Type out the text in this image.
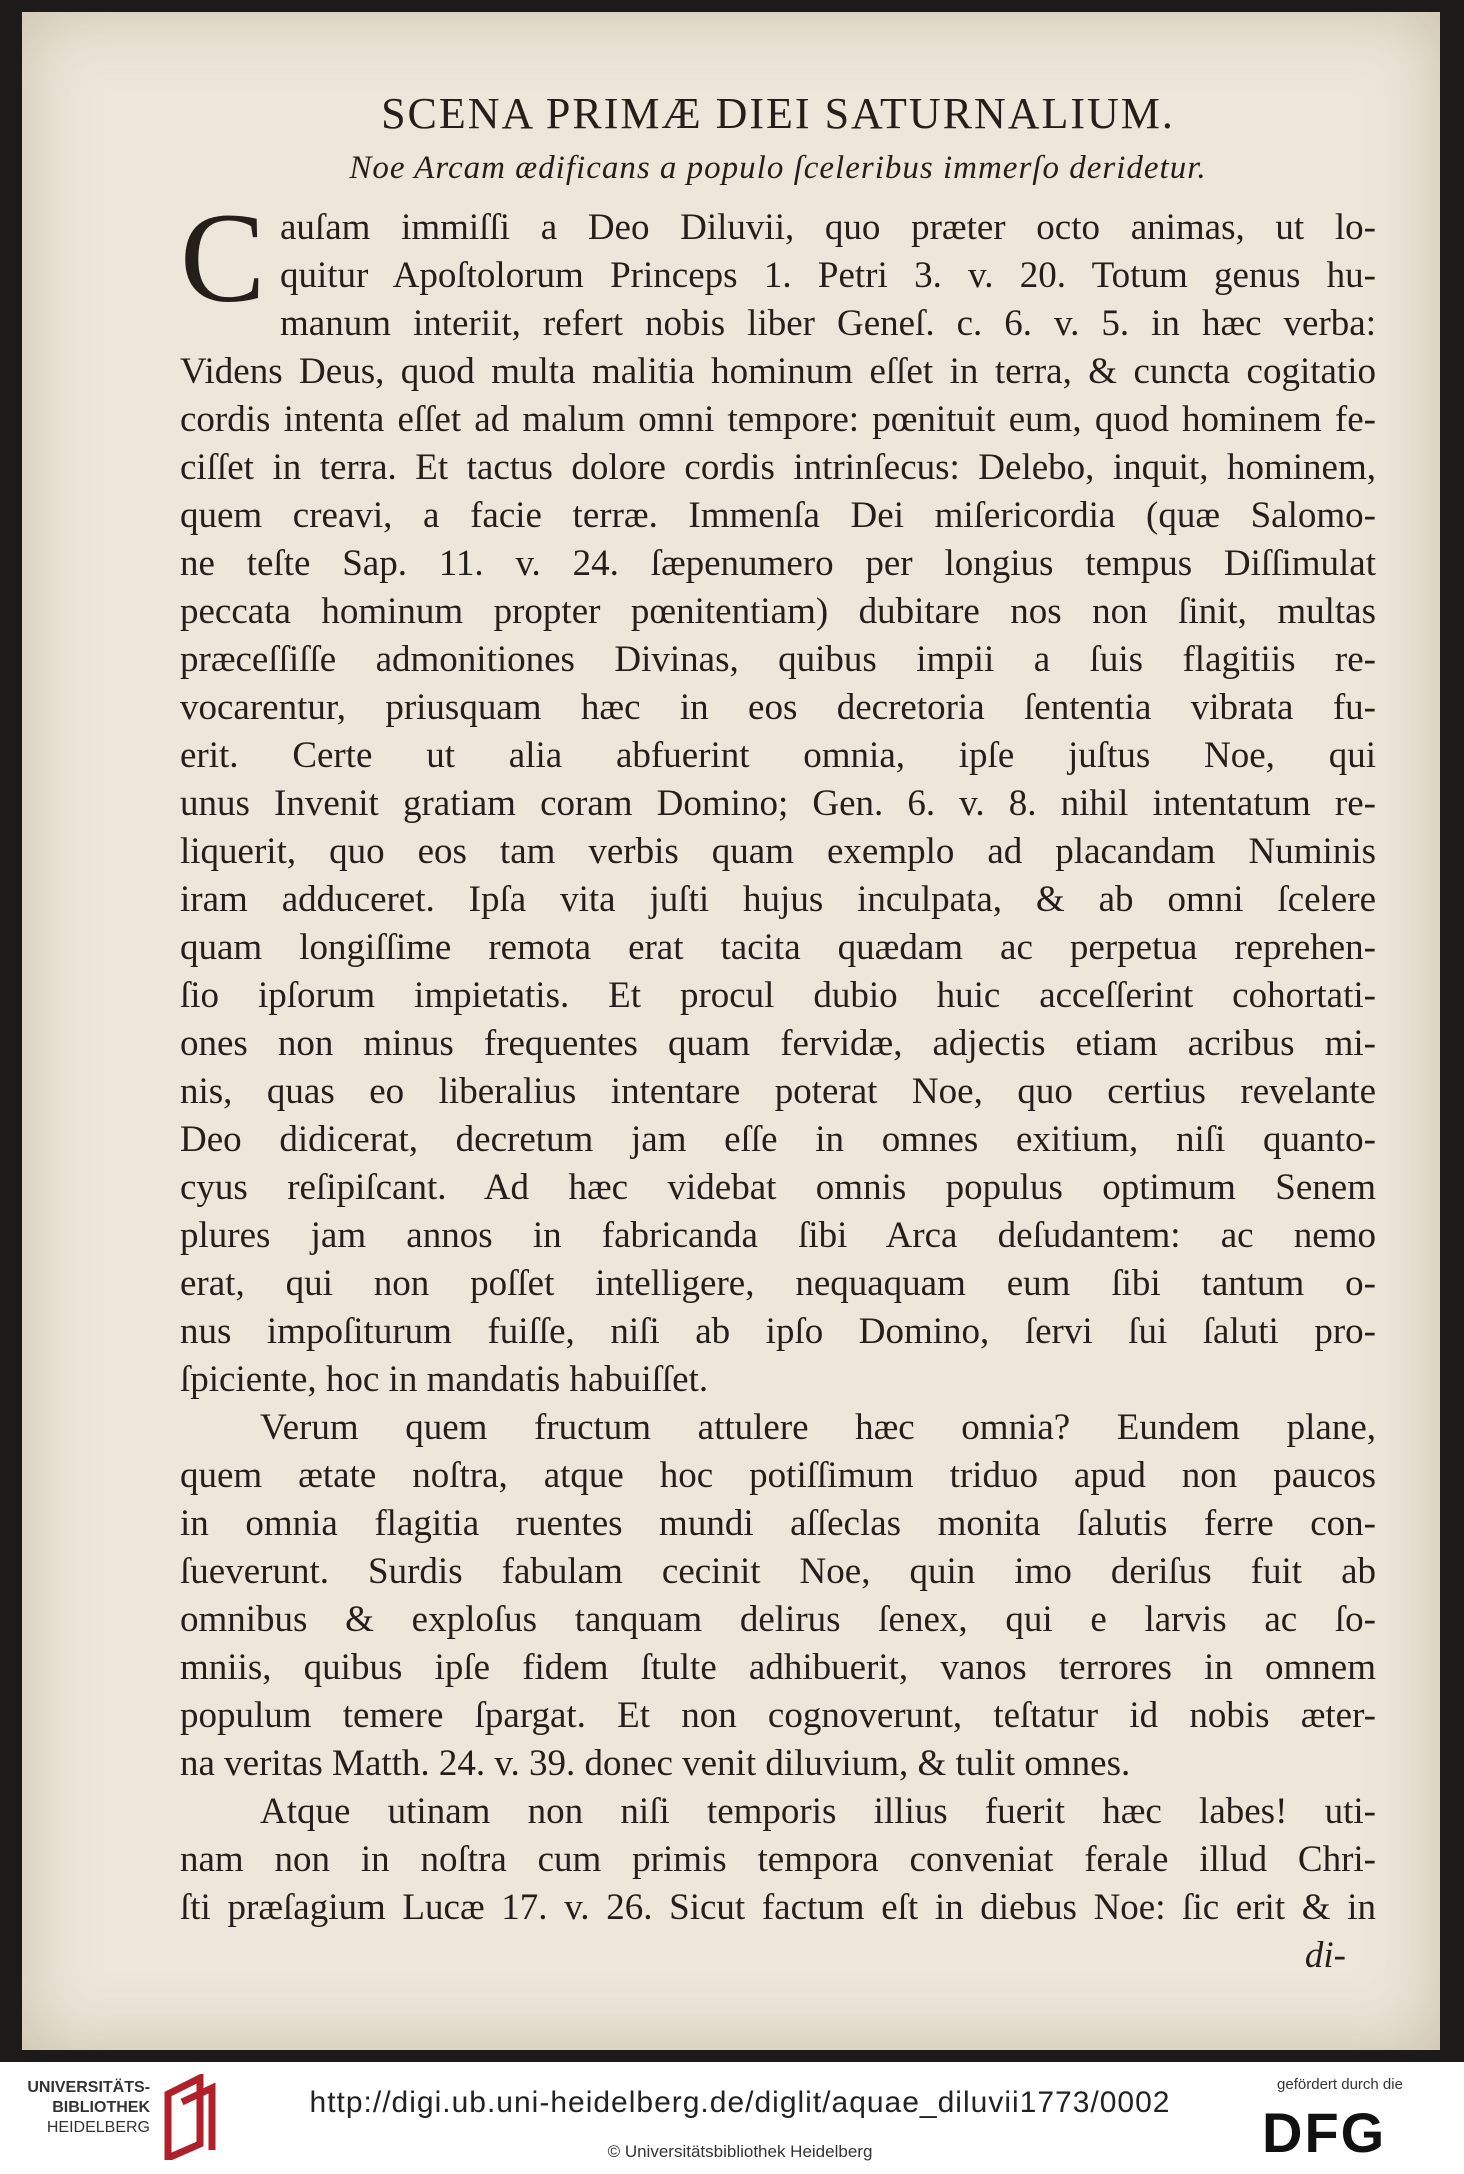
SCENA PRIMÆ DIEI SATURNALIUM.
Noe Arcam ædificans a populo ſceleribus immerſo deridetur.
C auſam immiſſi a Deo Diluvii, quo præter octo animas, ut lo-
quitur Apoſtolorum Princeps 1. Petri 3. v. 20. Totum genus hu-
manum interiit, refert nobis liber Geneſ. c. 6. v. 5. in hæc verba:
Videns Deus, quod multa malitia hominum eſſet in terra, & cuncta cogitatio
cordis intenta eſſet ad malum omni tempore: pœnituit eum, quod hominem fe-
ciſſet in terra. Et tactus dolore cordis intrinſecus: Delebo, inquit, hominem,
quem creavi, a facie terræ. Immenſa Dei miſericordia (quæ Salomo-
ne teſte Sap. 11. v. 24. ſæpenumero per longius tempus Diſſimulat
peccata hominum propter pœnitentiam) dubitare nos non ſinit, multas
præceſſiſſe admonitiones Divinas, quibus impii a ſuis flagitiis re-
vocarentur, priusquam hæc in eos decretoria ſententia vibrata fu-
erit. Certe ut alia abfuerint omnia, ipſe juſtus Noe, qui
unus Invenit gratiam coram Domino; Gen. 6. v. 8. nihil intentatum re-
liquerit, quo eos tam verbis quam exemplo ad placandam Numinis
iram adduceret. Ipſa vita juſti hujus inculpata, & ab omni ſcelere
quam longiſſime remota erat tacita quædam ac perpetua reprehen-
ſio ipſorum impietatis. Et procul dubio huic acceſſerint cohortati-
ones non minus frequentes quam fervidæ, adjectis etiam acribus mi-
nis, quas eo liberalius intentare poterat Noe, quo certius revelante
Deo didicerat, decretum jam eſſe in omnes exitium, niſi quanto-
cyus reſipiſcant. Ad hæc videbat omnis populus optimum Senem
plures jam annos in fabricanda ſibi Arca deſudantem: ac nemo
erat, qui non poſſet intelligere, nequaquam eum ſibi tantum o-
nus impoſiturum fuiſſe, niſi ab ipſo Domino, ſervi ſui ſaluti pro-
ſpiciente, hoc in mandatis habuiſſet.
Verum quem fructum attulere hæc omnia? Eundem plane,
quem ætate noſtra, atque hoc potiſſimum triduo apud non paucos
in omnia flagitia ruentes mundi aſſeclas monita ſalutis ferre con-
ſueverunt. Surdis fabulam cecinit Noe, quin imo deriſus fuit ab
omnibus & exploſus tanquam delirus ſenex, qui e larvis ac ſo-
mniis, quibus ipſe fidem ſtulte adhibuerit, vanos terrores in omnem
populum temere ſpargat. Et non cognoverunt, teſtatur id nobis æter-
na veritas Matth. 24. v. 39. donec venit diluvium, & tulit omnes.
Atque utinam non niſi temporis illius fuerit hæc labes! uti-
nam non in noſtra cum primis tempora conveniat ferale illud Chri-
ſti præſagium Lucæ 17. v. 26. Sicut factum eſt in diebus Noe: ſic erit & in
di-
UNIVERSITÄTS-
BIBLIOTHEK
HEIDELBERG
http://digi.ub.uni-heidelberg.de/diglit/aquae_diluvii1773/0002
© Universitätsbibliothek Heidelberg
gefördert durch die
DFG
